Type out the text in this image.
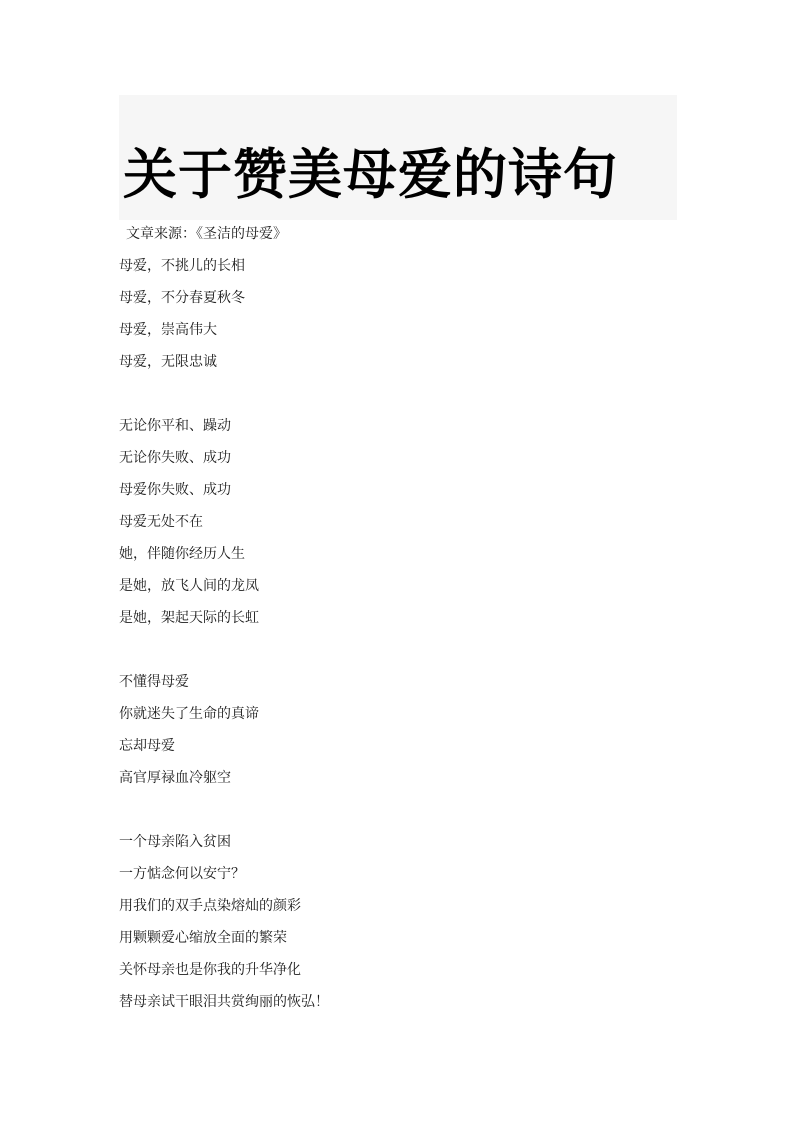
关于赞美母爱的诗句
文章来源：《圣洁的母爱》
母爱，不挑儿的长相
母爱，不分春夏秋冬
母爱，崇高伟大
母爱，无限忠诚
无论你平和、躁动
无论你失败、成功
母爱你失败、成功
母爱无处不在
她，伴随你经历人生
是她，放飞人间的龙凤
是她，架起天际的长虹
不懂得母爱
你就迷失了生命的真谛
忘却母爱
高官厚禄血冷躯空
一个母亲陷入贫困
一方惦念何以安宁？
用我们的双手点染熔灿的颜彩
用颗颗爱心缩放全面的繁荣
关怀母亲也是你我的升华净化
替母亲试干眼泪共赏绚丽的恢弘！
